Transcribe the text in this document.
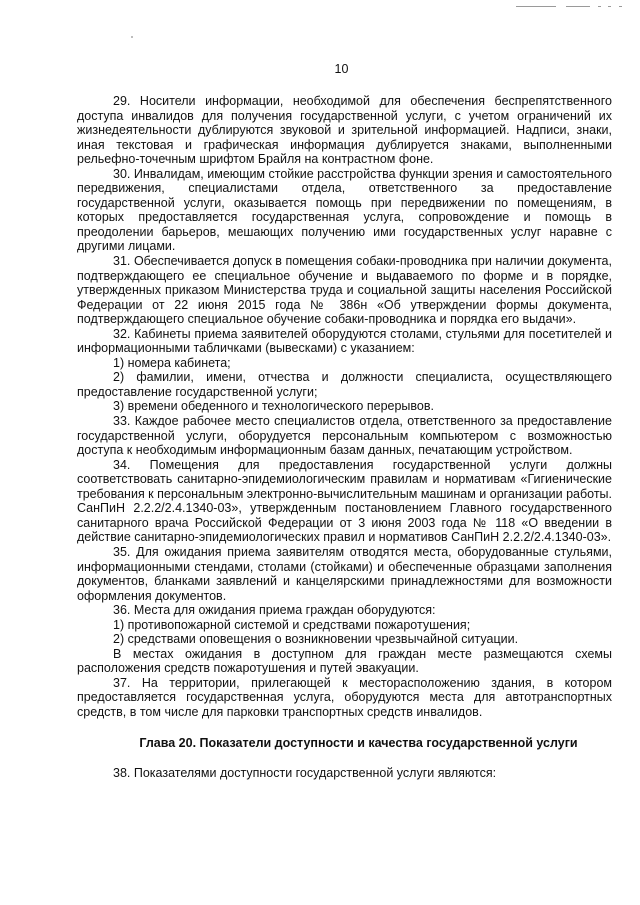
10

29. Носители информации, необходимой для обеспечения беспрепятственного доступа инвалидов для получения государственной услуги, с учетом ограничений их жизнедеятельности дублируются звуковой и зрительной информацией. Надписи, знаки, иная текстовая и графическая информация дублируется знаками, выполненными рельефно-точечным шрифтом Брайля на контрастном фоне.

30. Инвалидам, имеющим стойкие расстройства функции зрения и самостоятельного передвижения, специалистами отдела, ответственного за предоставление государственной услуги, оказывается помощь при передвижении по помещениям, в которых предоставляется государственная услуга, сопровождение и помощь в преодолении барьеров, мешающих получению ими государственных услуг наравне с другими лицами.

31. Обеспечивается допуск в помещения собаки-проводника при наличии документа, подтверждающего ее специальное обучение и выдаваемого по форме и в порядке, утвержденных приказом Министерства труда и социальной защиты населения Российской Федерации от 22 июня 2015 года № 386н «Об утверждении формы документа, подтверждающего специальное обучение собаки-проводника и порядка его выдачи».

32. Кабинеты приема заявителей оборудуются столами, стульями для посетителей и информационными табличками (вывесками) с указанием:

1) номера кабинета;

2) фамилии, имени, отчества и должности специалиста, осуществляющего предоставление государственной услуги;

3) времени обеденного и технологического перерывов.

33. Каждое рабочее место специалистов отдела, ответственного за предоставление государственной услуги, оборудуется персональным компьютером с возможностью доступа к необходимым информационным базам данных, печатающим устройством.

34. Помещения для предоставления государственной услуги должны соответствовать санитарно-эпидемиологическим правилам и нормативам «Гигиенические требования к персональным электронно-вычислительным машинам и организации работы. СанПиН 2.2.2/2.4.1340-03», утвержденным постановлением Главного государственного санитарного врача Российской Федерации от 3 июня 2003 года № 118 «О введении в действие санитарно-эпидемиологических правил и нормативов СанПиН 2.2.2/2.4.1340-03».

35. Для ожидания приема заявителям отводятся места, оборудованные стульями, информационными стендами, столами (стойками) и обеспеченные образцами заполнения документов, бланками заявлений и канцелярскими принадлежностями для возможности оформления документов.

36. Места для ожидания приема граждан оборудуются:

1) противопожарной системой и средствами пожаротушения;

2) средствами оповещения о возникновении чрезвычайной ситуации.

В местах ожидания в доступном для граждан месте размещаются схемы расположения средств пожаротушения и путей эвакуации.

37. На территории, прилегающей к месторасположению здания, в котором предоставляется государственная услуга, оборудуются места для автотранспортных средств, в том числе для парковки транспортных средств инвалидов.

Глава 20. Показатели доступности и качества государственной услуги

38. Показателями доступности государственной услуги являются:
